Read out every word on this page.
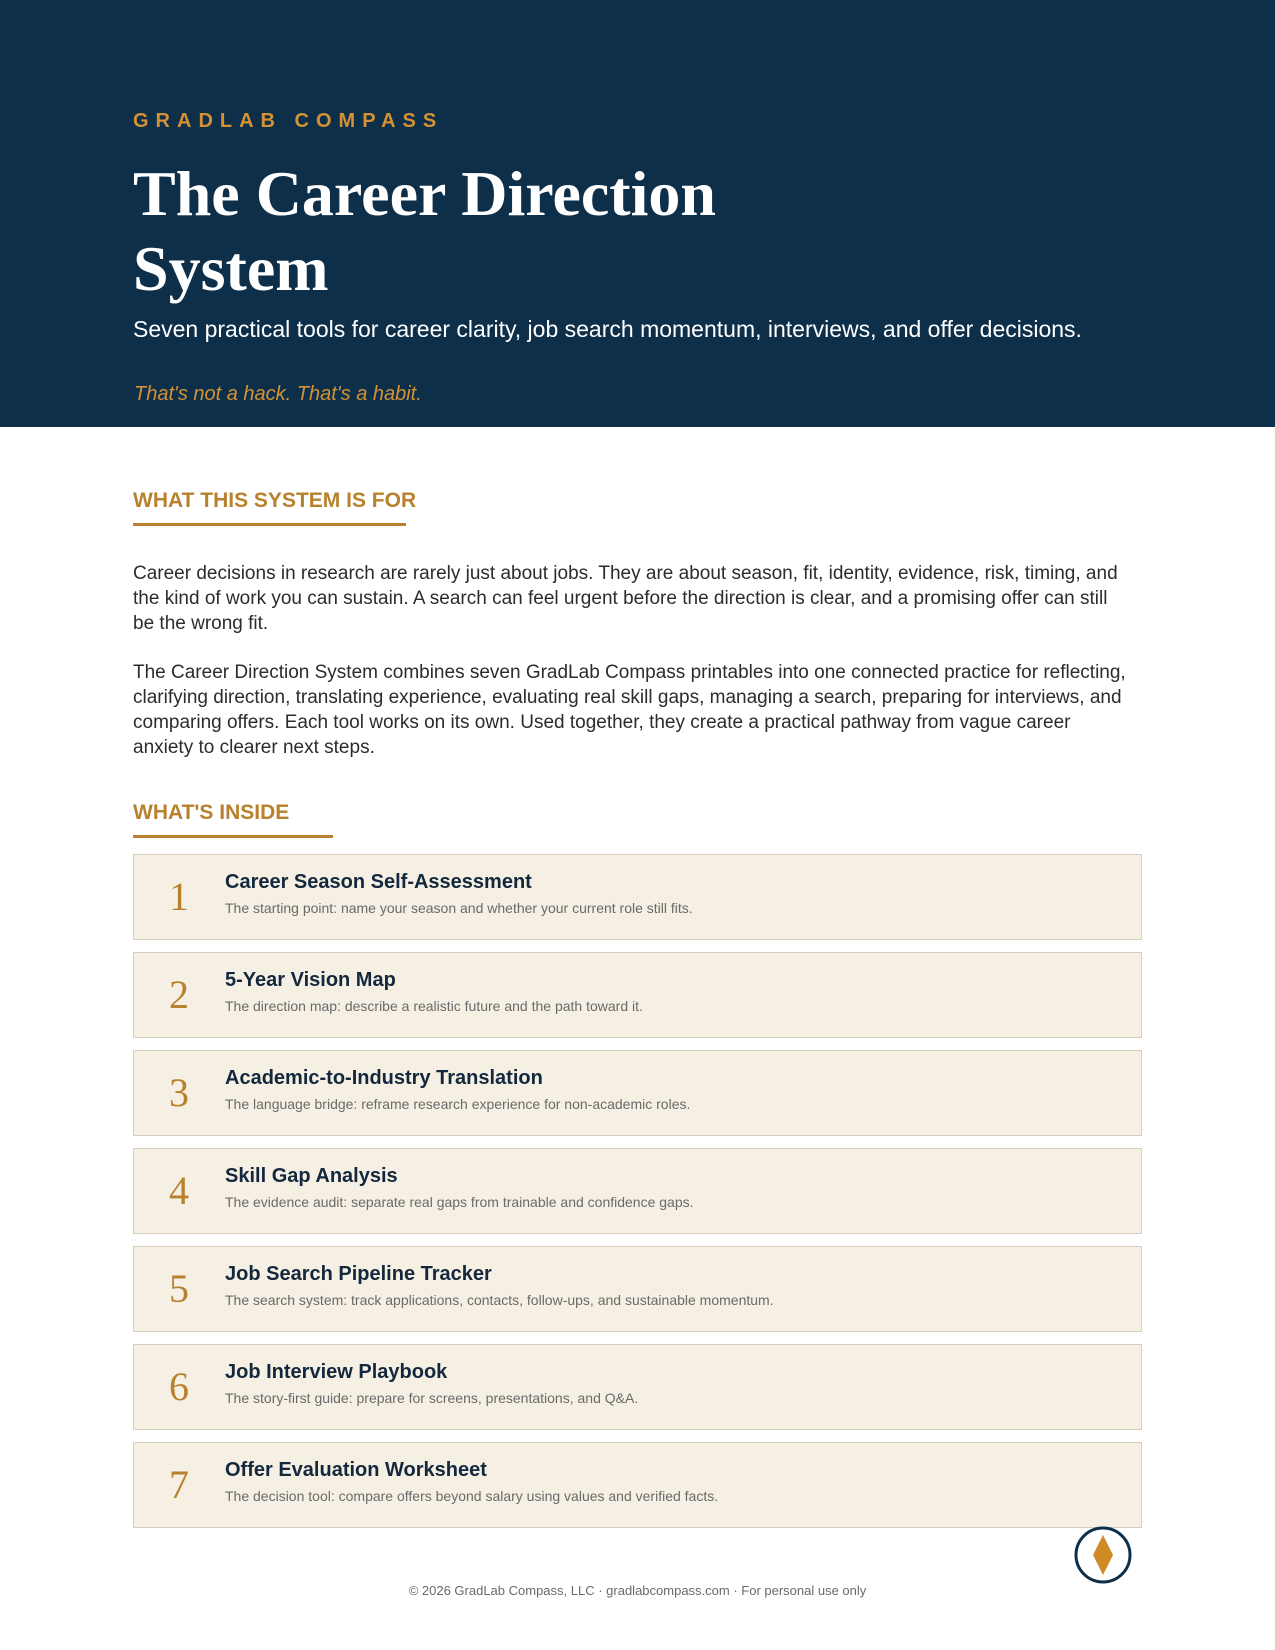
GRADLAB COMPASS
The Career Direction System
Seven practical tools for career clarity, job search momentum, interviews, and offer decisions.
That's not a hack. That's a habit.
WHAT THIS SYSTEM IS FOR

Career decisions in research are rarely just about jobs. They are about season, fit, identity, evidence, risk, timing, and the kind of work you can sustain. A search can feel urgent before the direction is clear, and a promising offer can still be the wrong fit.

The Career Direction System combines seven GradLab Compass printables into one connected practice for reflecting, clarifying direction, translating experience, evaluating real skill gaps, managing a search, preparing for interviews, and comparing offers. Each tool works on its own. Used together, they create a practical pathway from vague career anxiety to clearer next steps.

WHAT'S INSIDE
1 Career Season Self-Assessment
The starting point: name your season and whether your current role still fits.
2 5-Year Vision Map
The direction map: describe a realistic future and the path toward it.
3 Academic-to-Industry Translation
The language bridge: reframe research experience for non-academic roles.
4 Skill Gap Analysis
The evidence audit: separate real gaps from trainable and confidence gaps.
5 Job Search Pipeline Tracker
The search system: track applications, contacts, follow-ups, and sustainable momentum.
6 Job Interview Playbook
The story-first guide: prepare for screens, presentations, and Q&A.
7 Offer Evaluation Worksheet
The decision tool: compare offers beyond salary using values and verified facts.
© 2026 GradLab Compass, LLC · gradlabcompass.com · For personal use only
